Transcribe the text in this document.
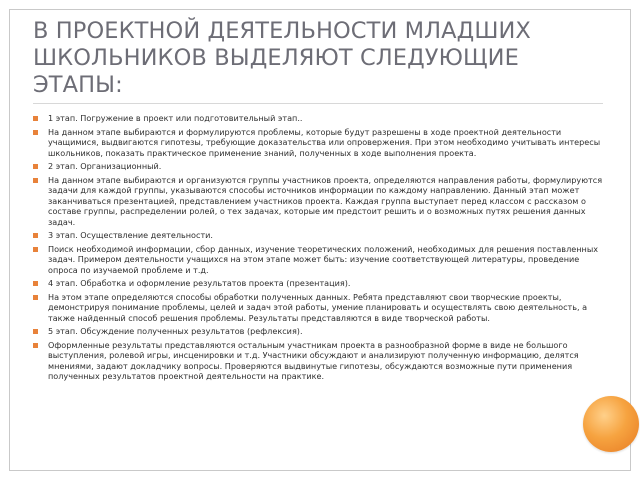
В ПРОЕКТНОЙ ДЕЯТЕЛЬНОСТИ МЛАДШИХ ШКОЛЬНИКОВ ВЫДЕЛЯЮТ СЛЕДУЮЩИЕ ЭТАПЫ:
1 этап. Погружение в проект или подготовительный этап..
На данном этапе выбираются и формулируются проблемы, которые будут разрешены в ходе проектной деятельности учащимися, выдвигаются гипотезы, требующие доказательства или опровержения. При этом необходимо учитывать интересы школьников, показать практическое применение знаний, полученных в ходе выполнения проекта.
2 этап. Организационный.
На данном этапе выбираются и организуются группы участников проекта, определяются направления работы, формулируются задачи для каждой группы, указываются способы источников информации по каждому направлению. Данный этап может заканчиваться презентацией, представлением участников проекта. Каждая группа выступает перед классом с рассказом о составе группы, распределении ролей, о тех задачах, которые им предстоит решить и о возможных путях решения данных задач.
3 этап. Осуществление деятельности.
Поиск необходимой информации, сбор данных, изучение теоретических положений, необходимых для решения поставленных задач. Примером деятельности учащихся на этом этапе может быть: изучение соответствующей литературы, проведение опроса по изучаемой проблеме и т.д.
4 этап. Обработка и оформление результатов проекта (презентация).
На этом этапе определяются способы обработки полученных данных. Ребята представляют свои творческие проекты, демонстрируя понимание проблемы, целей и задач этой работы, умение планировать и осуществлять свою деятельность, а также найденный способ решения проблемы. Результаты представляются в виде творческой работы.
5 этап. Обсуждение полученных результатов (рефлексия).
Оформленные результаты представляются остальным участникам проекта в разнообразной форме в виде не большого выступления, ролевой игры, инсценировки и т.д. Участники обсуждают и анализируют полученную информацию, делятся мнениями, задают докладчику вопросы. Проверяются выдвинутые гипотезы, обсуждаются возможные пути применения полученных результатов проектной деятельности на практике.
